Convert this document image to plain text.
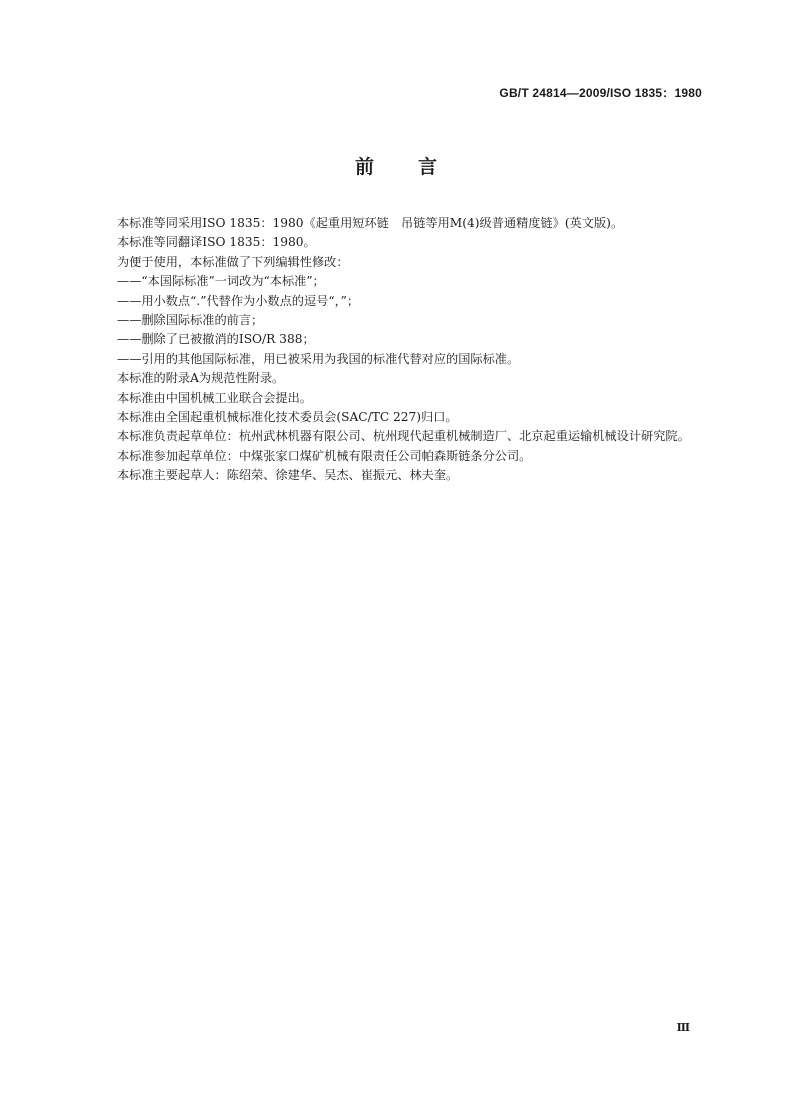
GB/T 24814—2009/ISO 1835：1980
前言

本标准等同采用ISO 1835：1980《起重用短环链　吊链等用M(4)级普通精度链》(英文版)。

本标准等同翻译ISO 1835：1980。

为便于使用，本标准做了下列编辑性修改：

——“本国际标准”一词改为“本标准”；

——用小数点“.”代替作为小数点的逗号“，”；

——删除国际标准的前言；

——删除了已被撤消的ISO/R 388；

——引用的其他国际标准，用已被采用为我国的标准代替对应的国际标准。

本标准的附录A为规范性附录。

本标准由中国机械工业联合会提出。

本标准由全国起重机械标准化技术委员会(SAC/TC 227)归口。

本标准负责起草单位：杭州武林机器有限公司、杭州现代起重机械制造厂、北京起重运输机械设计研究院。

本标准参加起草单位：中煤张家口煤矿机械有限责任公司帕森斯链条分公司。

本标准主要起草人：陈绍荣、徐建华、吴杰、崔振元、林夫奎。

Ⅲ
